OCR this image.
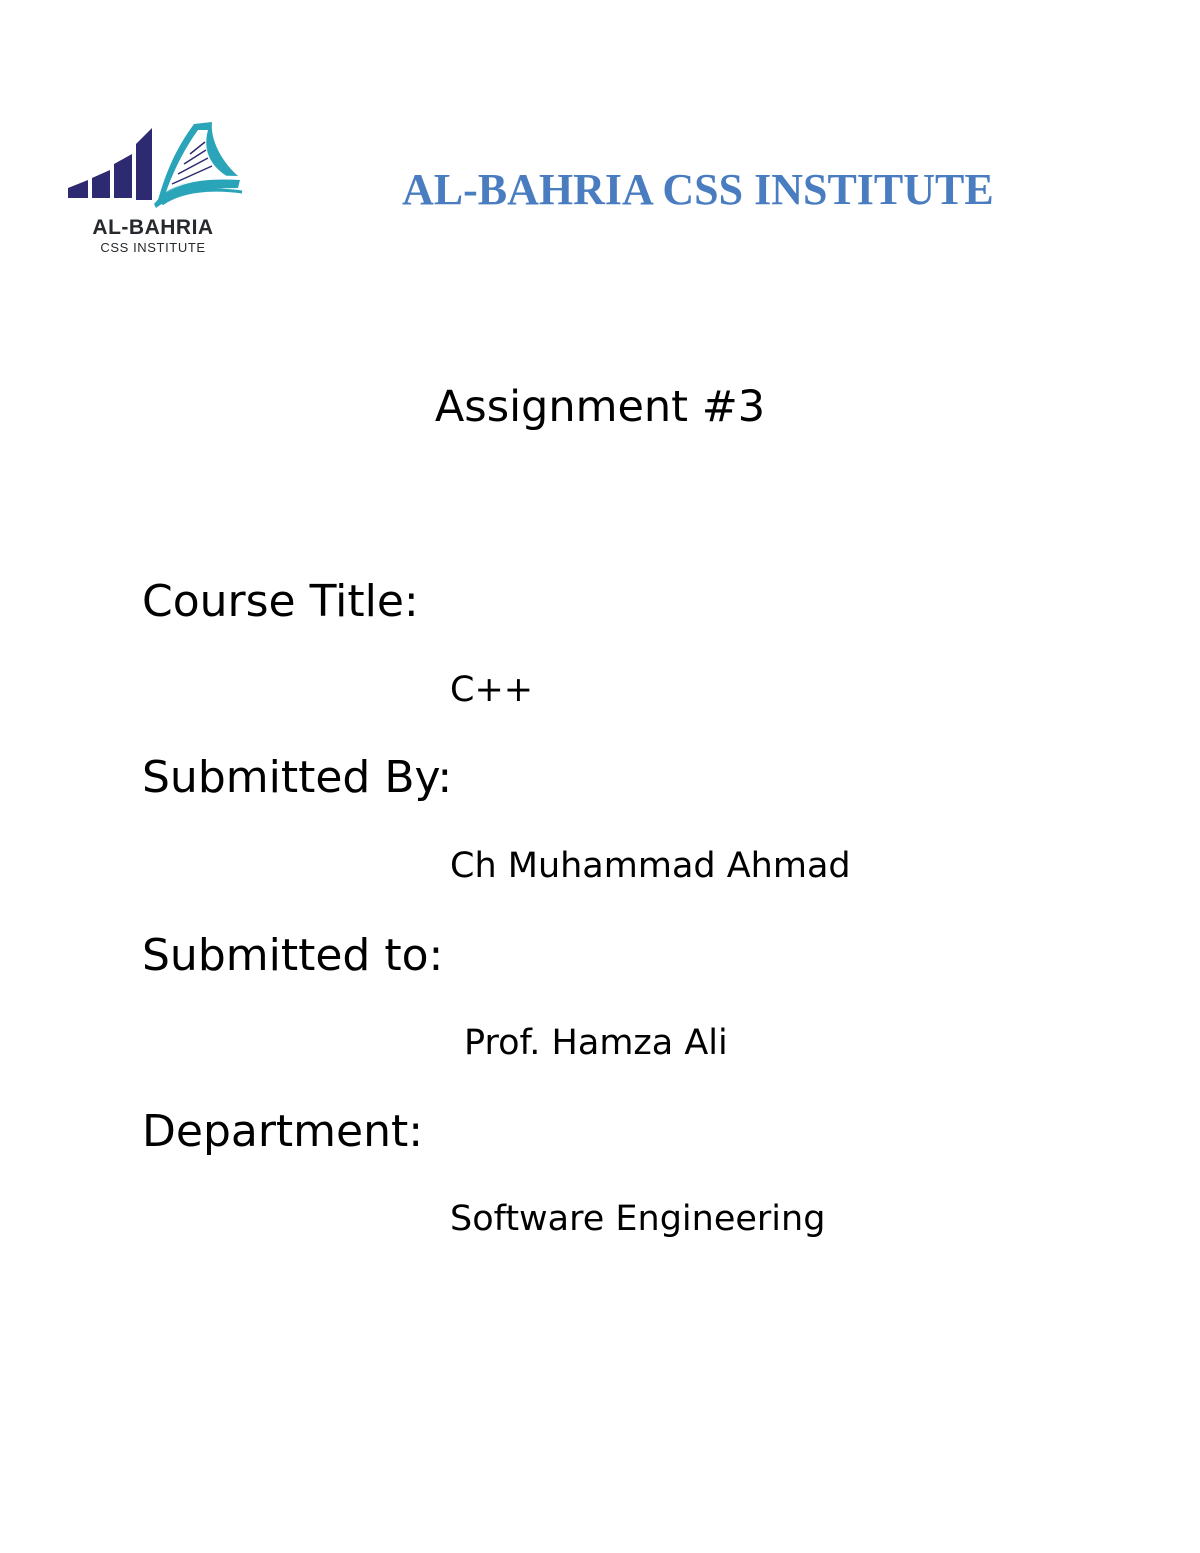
AL-BAHRIA
CSS INSTITUTE
AL-BAHRIA CSS INSTITUTE
Assignment #3
Course Title:
C++
Submitted By:
Ch Muhammad Ahmad
Submitted to:
Prof. Hamza Ali
Department:
Software Engineering
